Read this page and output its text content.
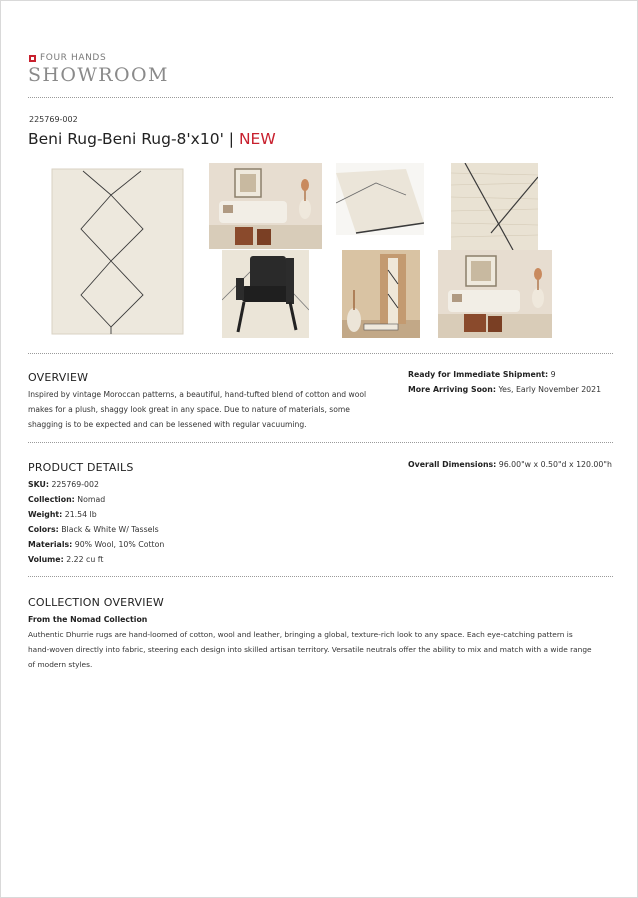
FOUR HANDS
SHOWROOM
225769-002
Beni Rug-Beni Rug-8'x10' | NEW
OVERVIEW
Inspired by vintage Moroccan patterns, a beautiful, hand-tufted blend of cotton and wool
makes for a plush, shaggy look great in any space. Due to nature of materials, some
shagging is to be expected and can be lessened with regular vacuuming.
Ready for Immediate Shipment: 9
More Arriving Soon: Yes, Early November 2021
PRODUCT DETAILS
SKU: 225769-002
Collection: Nomad
Weight: 21.54 lb
Colors: Black & White W/ Tassels
Materials: 90% Wool, 10% Cotton
Volume: 2.22 cu ft
Overall Dimensions: 96.00"w x 0.50"d x 120.00"h
COLLECTION OVERVIEW
From the Nomad Collection
Authentic Dhurrie rugs are hand-loomed of cotton, wool and leather, bringing a global, texture-rich look to any space. Each eye-catching pattern is
hand-woven directly into fabric, steering each design into skilled artisan territory. Versatile neutrals offer the ability to mix and match with a wide range
of modern styles.
